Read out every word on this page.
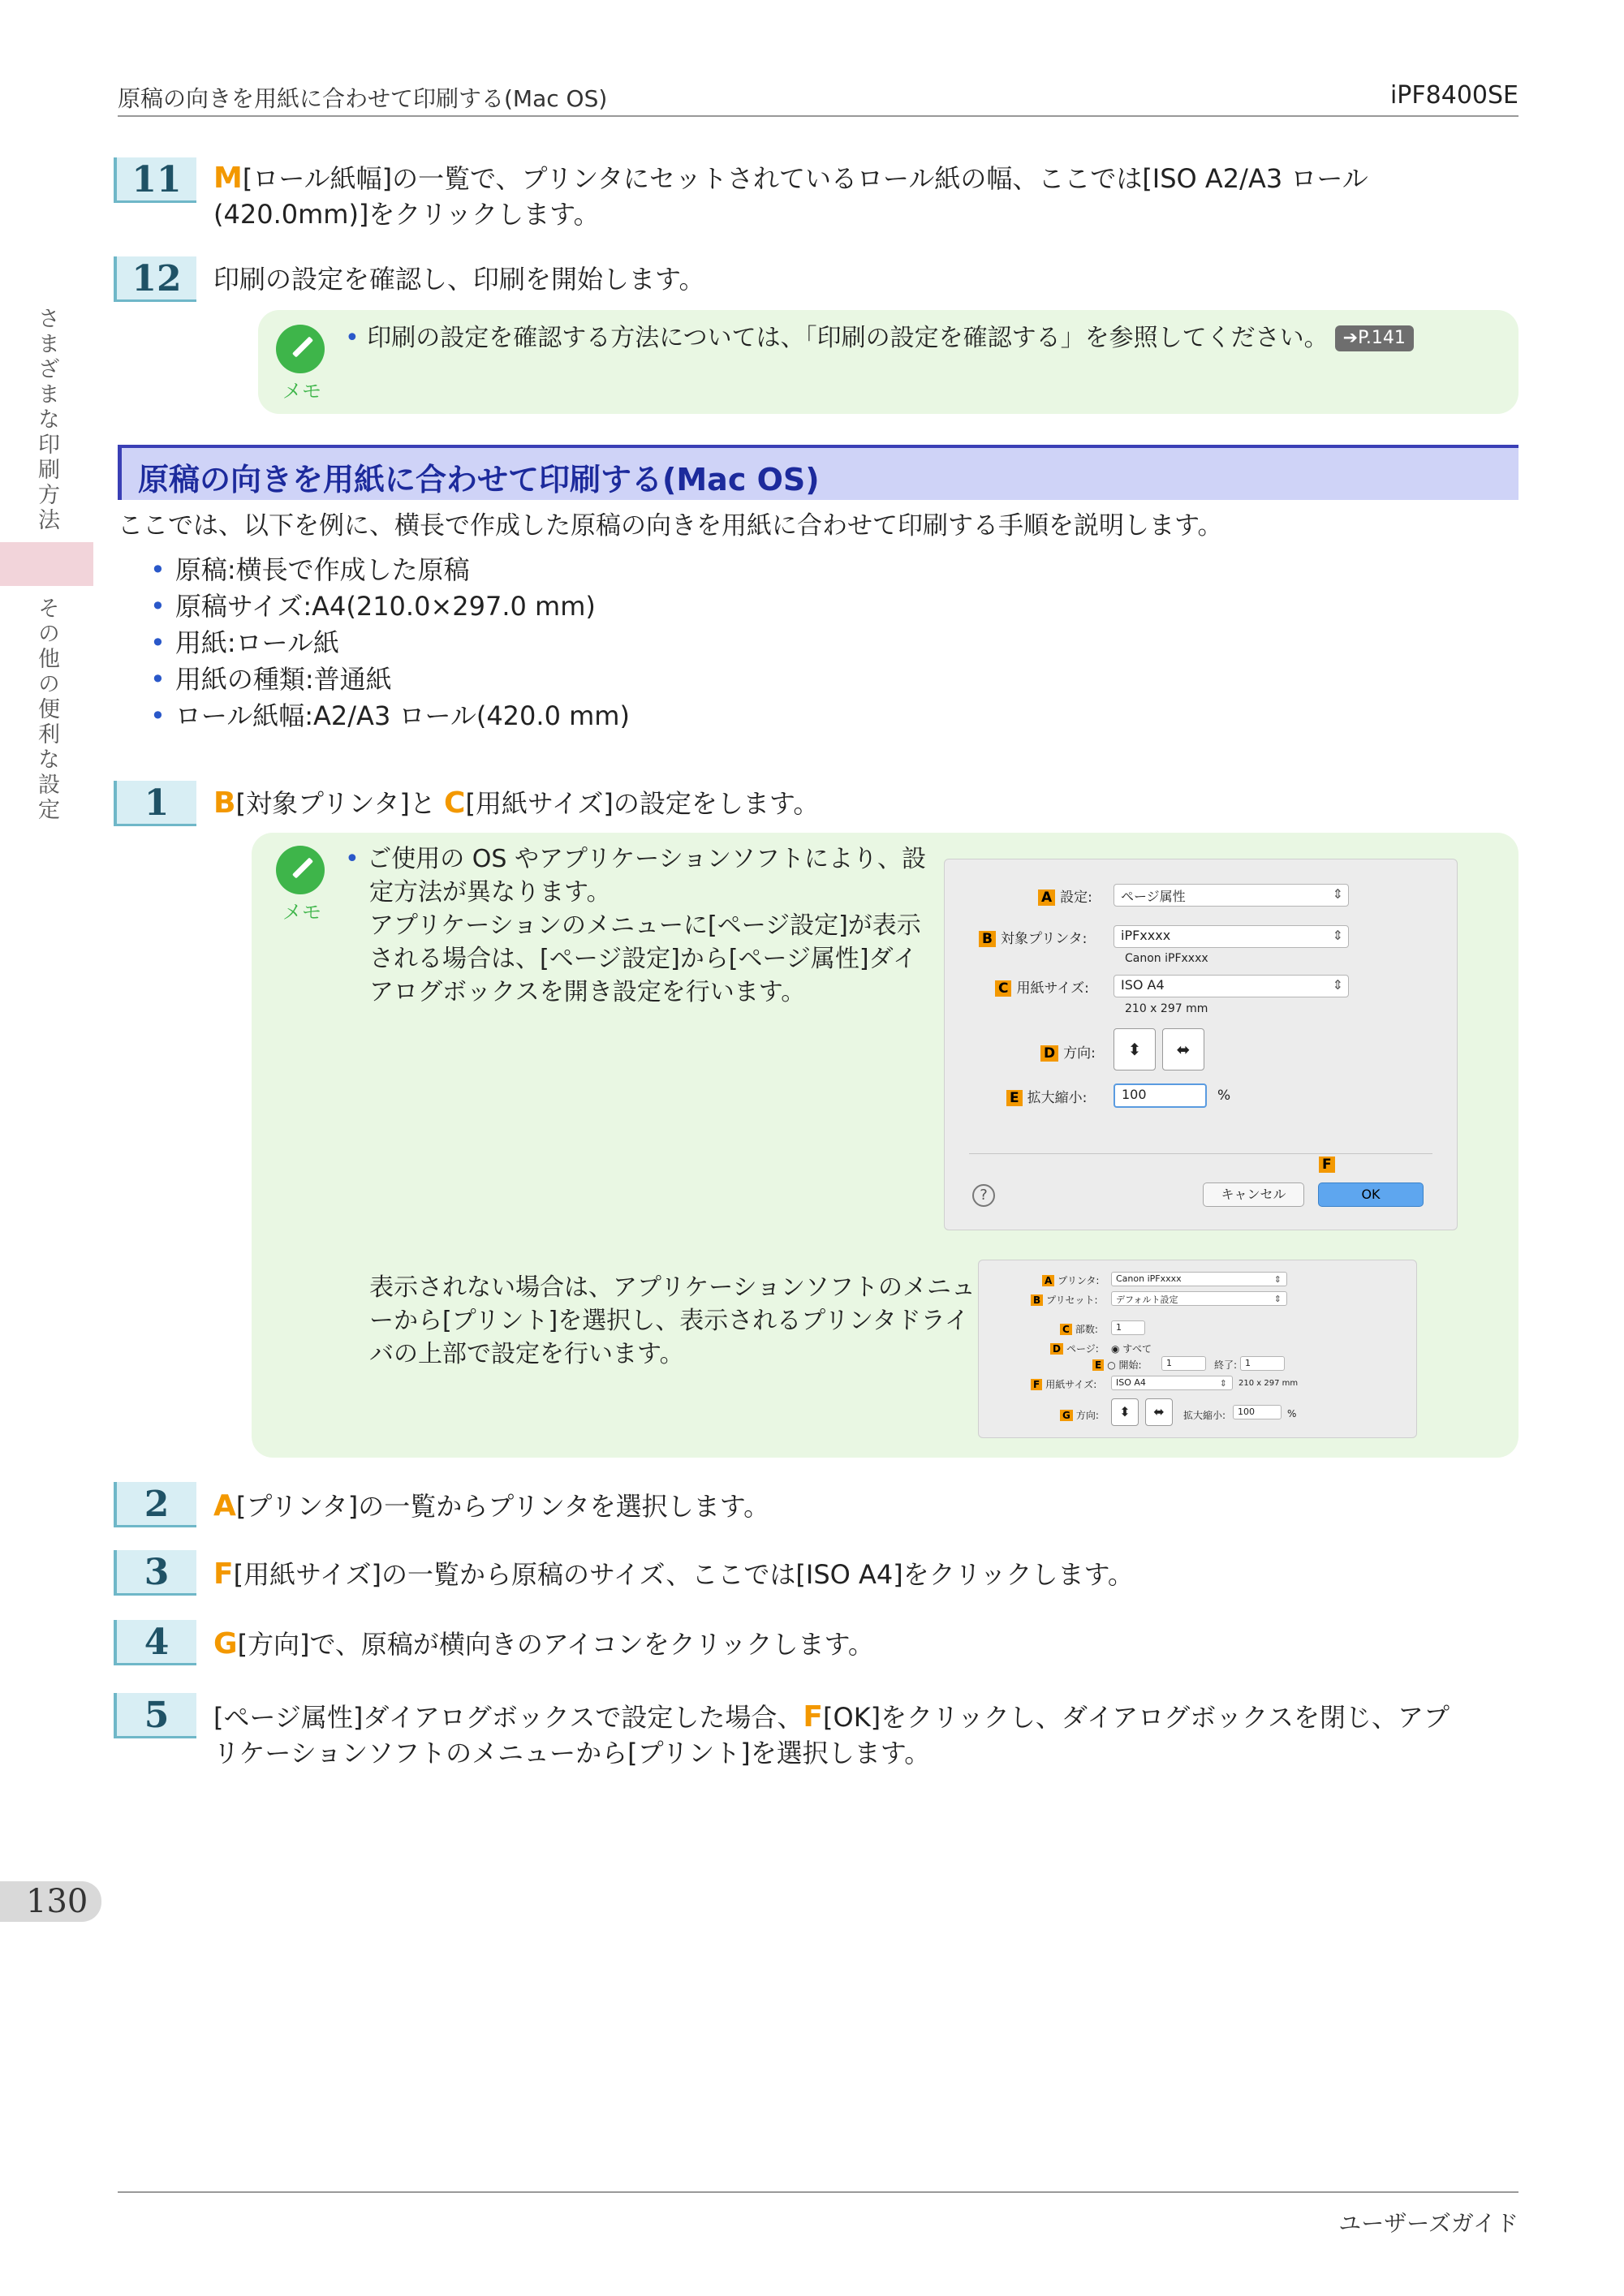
原稿の向きを用紙に合わせて印刷する(Mac OS)	iPF8400SE
さまざまな印刷方法
その他の便利な設定
11	M[ロール紙幅]の一覧で、プリンタにセットされているロール紙の幅、ここでは[ISO A2/A3 ロール
(420.0mm)]をクリックします。
12	印刷の設定を確認し、印刷を開始します。
メモ
• 印刷の設定を確認する方法については、「印刷の設定を確認する」を参照してください。 ➔P.141
原稿の向きを用紙に合わせて印刷する(Mac OS)
ここでは、以下を例に、横長で作成した原稿の向きを用紙に合わせて印刷する手順を説明します。
• 原稿:横長で作成した原稿
• 原稿サイズ:A4(210.0×297.0 mm)
• 用紙:ロール紙
• 用紙の種類:普通紙
• ロール紙幅:A2/A3 ロール(420.0 mm)
1	B[対象プリンタ]と C[用紙サイズ]の設定をします。
メモ
• ご使用の OS やアプリケーションソフトにより、設
定方法が異なります。
アプリケーションのメニューに[ページ設定]が表示
される場合は、[ページ設定]から[ページ属性]ダイ
アログボックスを開き設定を行います。
表示されない場合は、アプリケーションソフトのメニュ
ーから[プリント]を選択し、表示されるプリンタドライ
バの上部で設定を行います。
A 設定:	ページ属性	⇕
B 対象プリンタ:	iPFxxxx	⇕
Canon iPFxxxx
C 用紙サイズ:	ISO A4	⇕
210 x 297 mm
D 方向:	⬍	⬌
E 拡大縮小:	100	%
F
?	キャンセル	OK
A プリンタ:	Canon iPFxxxx	⇕
B プリセット:	デフォルト設定	⇕
C 部数:	1
D ページ: ◉ すべて
E ○ 開始:	1	終了: 1
F 用紙サイズ:	ISO A4	⇕ 210 x 297 mm
G 方向:	⬍	⬌	拡大縮小:	100	%
2	A[プリンタ]の一覧からプリンタを選択します。
3	F[用紙サイズ]の一覧から原稿のサイズ、ここでは[ISO A4]をクリックします。
4	G[方向]で、原稿が横向きのアイコンをクリックします。
5	[ページ属性]ダイアログボックスで設定した場合、F[OK]をクリックし、ダイアログボックスを閉じ、アプ
リケーションソフトのメニューから[プリント]を選択します。
130
ユーザーズガイド
